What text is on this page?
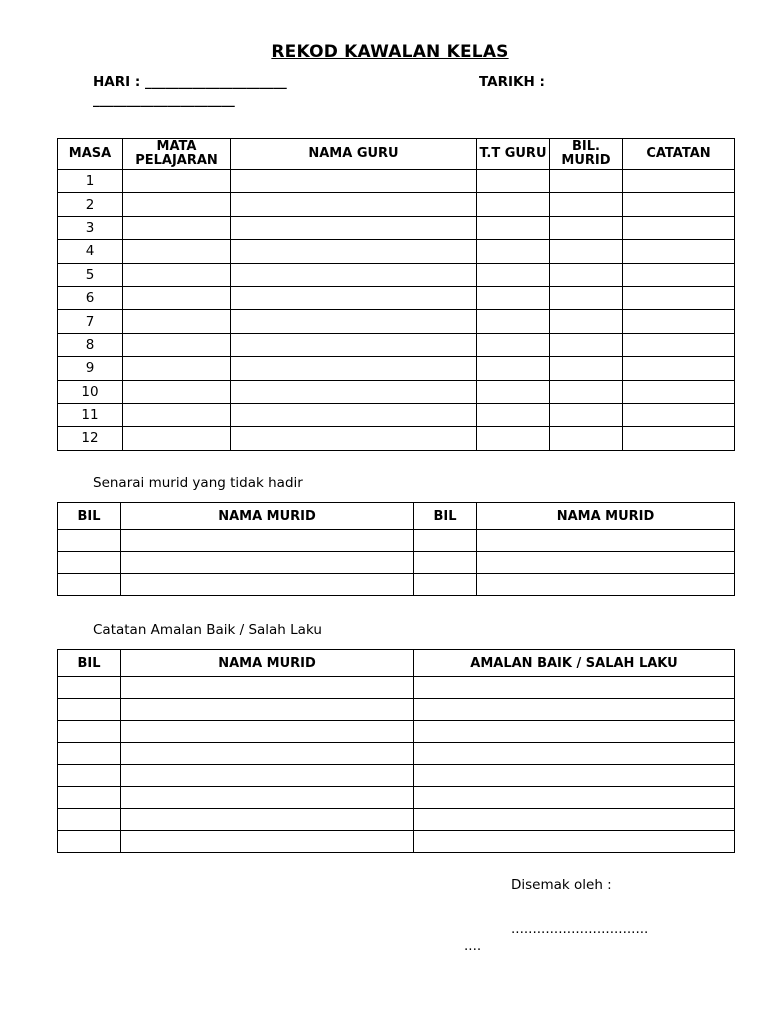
REKOD KAWALAN KELAS
HARI : _____________________
_____________________
TARIKH :
MASA	MATA PELAJARAN	NAMA GURU	T.T GURU	BIL. MURID	CATATAN
1					
2					
3					
4					
5					
6					
7					
8					
9					
10					
11					
12					
Senarai murid yang tidak hadir
BIL	NAMA MURID	BIL	NAMA MURID

Catatan Amalan Baik / Salah Laku
BIL	NAMA MURID	AMALAN BAIK / SALAH LAKU

Disemak oleh :
................................
....
